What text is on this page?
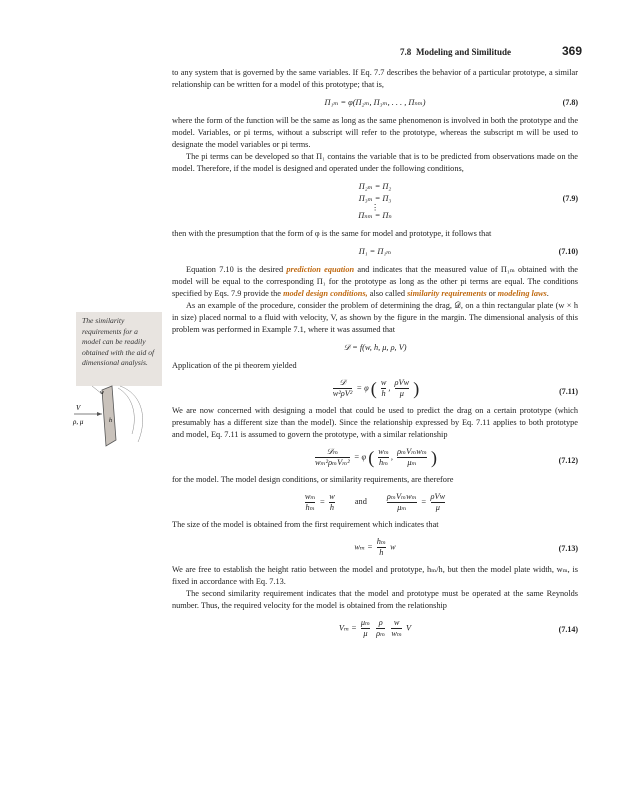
7.8 Modeling and Similitude	369
The similarity requirements for a model can be readily obtained with the aid of dimensional analysis.
V
ρ, μ
w
h

to any system that is governed by the same variables. If Eq. 7.7 describes the behavior of a particular prototype, a similar relationship can be written for a model of this prototype; that is,

Π₁ₘ = φ(Π₂ₘ, Π₃ₘ, . . . , Πₙₘ)	(7.8)

where the form of the function will be the same as long as the same phenomenon is involved in both the prototype and the model. Variables, or pi terms, without a subscript will refer to the prototype, whereas the subscript m will be used to designate the model variables or pi terms.

The pi terms can be developed so that Π₁ contains the variable that is to be predicted from observations made on the model. Therefore, if the model is designed and operated under the following conditions,

Π₂ₘ = Π₂
Π₃ₘ = Π₃
⋮
Πₙₘ = Πₙ
(7.9)

then with the presumption that the form of φ is the same for model and prototype, it follows that

Π₁ = Π₁ₘ	(7.10)

Equation 7.10 is the desired prediction equation and indicates that the measured value of Π₁ₘ obtained with the model will be equal to the corresponding Π₁ for the prototype as long as the other pi terms are equal. The conditions specified by Eqs. 7.9 provide the model design conditions, also called similarity requirements or modeling laws.

As an example of the procedure, consider the problem of determining the drag, 𝒟, on a thin rectangular plate (w × h in size) placed normal to a fluid with velocity, V, as shown by the figure in the margin. The dimensional analysis of this problem was performed in Example 7.1, where it was assumed that

𝒟 = f(w, h, μ, ρ, V)

Application of the pi theorem yielded

$\frac{\text{𝒟}}{\text{w²ρV²}} = \varphi$ ( $\frac{w}{h}$ , $\frac{\text{ρVw}}{\mu}$ )	(7.11)

We are now concerned with designing a model that could be used to predict the drag on a certain prototype (which presumably has a different size than the model). Since the relationship expressed by Eq. 7.11 applies to both prototype and model, Eq. 7.11 is assumed to govern the prototype, with a similar relationship

$\frac{\text{𝒟ₘ}}{\text{wₘ²ρₘVₘ²}} = \varphi$ ( $\frac{\text{wₘ}}{\text{hₘ}}$ , $\frac{\text{ρₘVₘwₘ}}{\text{μₘ}}$ )	(7.12)

for the model. The model design conditions, or similarity requirements, are therefore

$\frac{\text{wₘ}}{\text{hₘ}} = \frac{w}{h}$ and $\frac{\text{ρₘVₘwₘ}}{\text{μₘ}} = \frac{\text{ρVw}}{\mu}$

The size of the model is obtained from the first requirement which indicates that

$w_m = \frac{\text{hₘ}}{h}$ w	(7.13)

We are free to establish the height ratio between the model and prototype, hₘ/h, but then the model plate width, wₘ, is fixed in accordance with Eq. 7.13.

The second similarity requirement indicates that the model and prototype must be operated at the same Reynolds number. Thus, the required velocity for the model is obtained from the relationship

$V_m = \frac{\text{μₘ}}{\mu}$
$\frac{\rho}{\text{ρₘ}}$
$\frac{w}{\text{wₘ}}$ V	(7.14)
